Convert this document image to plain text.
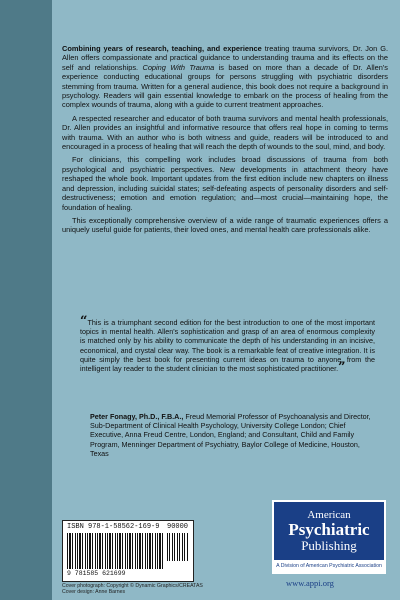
Combining years of research, teaching, and experience treating trauma survivors, Dr. Jon G. Allen offers compassionate and practical guidance to understanding trauma and its effects on the self and relationships. Coping With Trauma is based on more than a decade of Dr. Allen's experience conducting educational groups for persons struggling with psychiatric disorders stemming from trauma. Written for a general audience, this book does not require a background in psychology. Readers will gain essential knowledge to embark on the process of healing from the complex wounds of trauma, along with a guide to current treatment approaches.

A respected researcher and educator of both trauma survivors and mental health professionals, Dr. Allen provides an insightful and informative resource that offers real hope in coming to terms with trauma. With an author who is both witness and guide, readers will be introduced to and encouraged in a process of healing that will reach the depth of wounds to the soul, mind, and body.

For clinicians, this compelling work includes broad discussions of trauma from both psychological and psychiatric perspectives. New developments in attachment theory have reshaped the whole book. Important updates from the first edition include new chapters on illness and depression, including suicidal states; self-defeating aspects of personality disorders and self-destructiveness; emotion and emotion regulation; and—most crucial—maintaining hope, the foundation of healing.

This exceptionally comprehensive overview of a wide range of traumatic experiences offers a uniquely useful guide for patients, their loved ones, and mental health care professionals alike.

“This is a triumphant second edition for the best introduction to one of the most important topics in mental health. Allen's sophistication and grasp of an area of enormous complexity is matched only by his ability to communicate the depth of his understanding in an incisive, economical, and crystal clear way. The book is a remarkable feat of creative integration. It is quite simply the best book for presenting current ideas on trauma to anyone, from the intelligent lay reader to the student clinician to the most sophisticated practitioner.”
Peter Fonagy, Ph.D., F.B.A., Freud Memorial Professor of Psychoanalysis and Director, Sub-Department of Clinical Health Psychology, University College London; Chief Executive, Anna Freud Centre, London, England; and Consultant, Child and Family Program, Menninger Department of Psychiatry, Baylor College of Medicine, Houston, Texas
ISBN 978-1-58562-169-9 90000
9 781585 621699
Cover photograph: Copyright © Dynamic Graphics/CREATAS
Cover design: Anne Barnes
American
Psychiatric
Publishing
A Division of American Psychiatric Association
www.appi.org
